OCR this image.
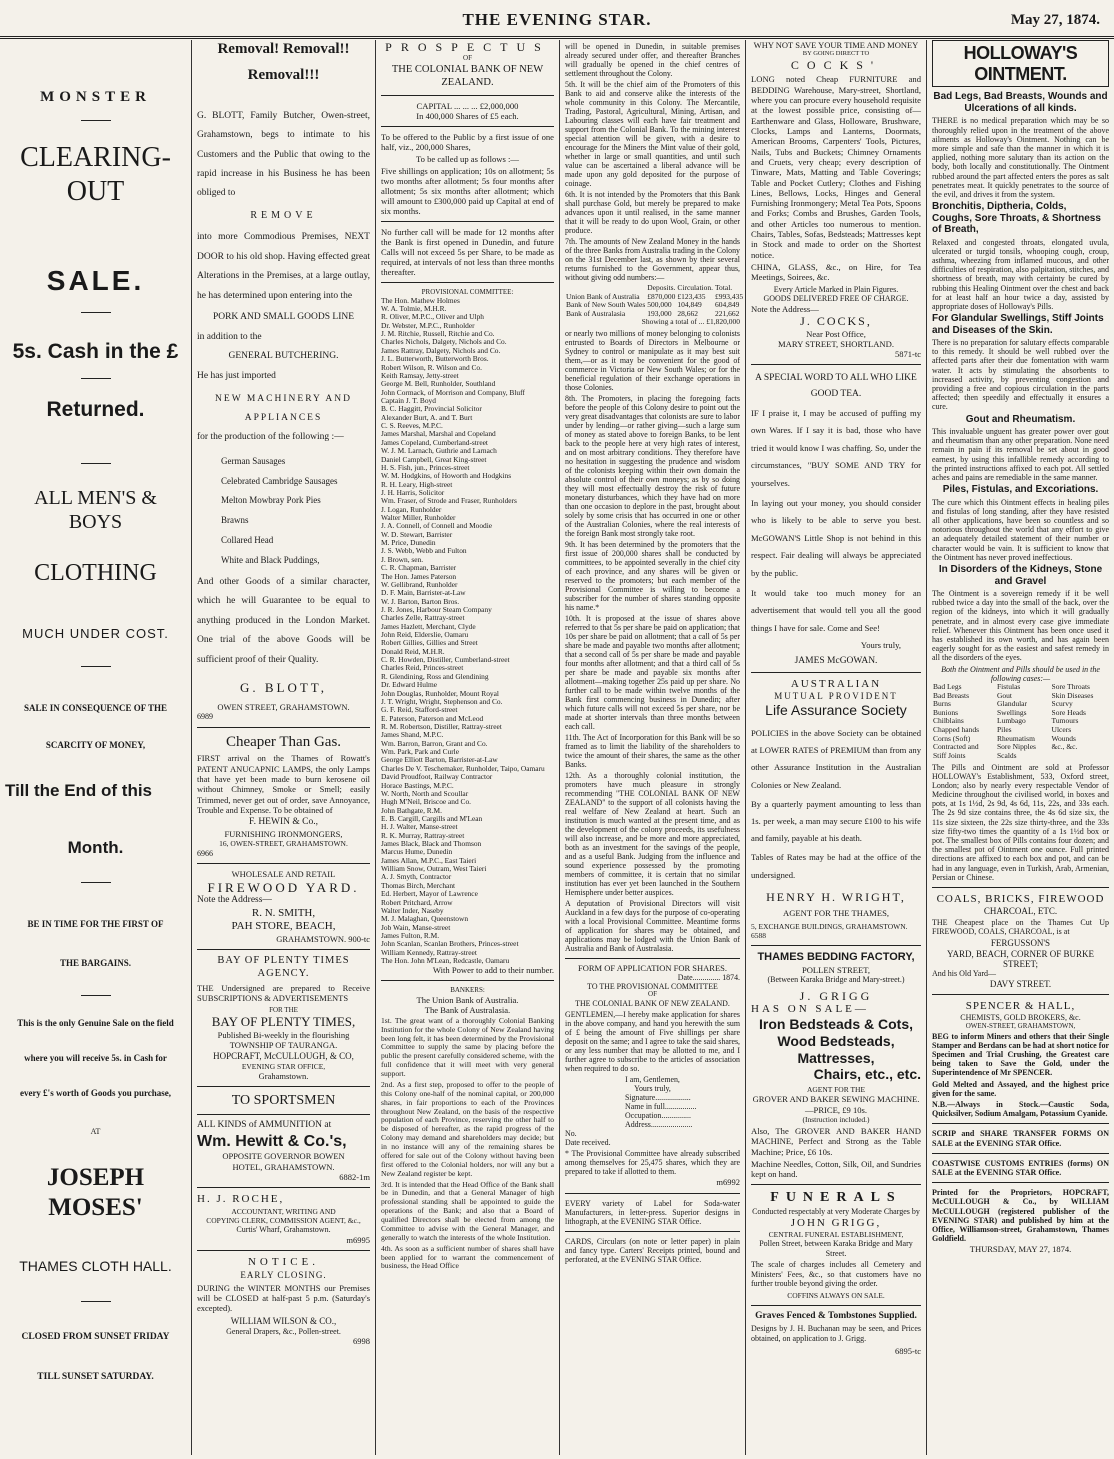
THE EVENING STAR.	May 27, 1874.
MONSTER
CLEARING-OUT
SALE.
5s. Cash in the £
Returned.
ALL MEN'S & BOYS
CLOTHING
MUCH UNDER COST.
SALE IN CONSEQUENCE OF THE
SCARCITY OF MONEY,
Till the End of this
Month.
BE IN TIME FOR THE FIRST OF
THE BARGAINS.
This is the only Genuine Sale on the field
where you will receive 5s. in Cash for
every £'s worth of Goods you purchase,
AT
JOSEPH MOSES'
THAMES CLOTH HALL.
CLOSED FROM SUNSET FRIDAY
TILL SUNSET SATURDAY.
Removal! Removal!!
Removal!!!

G. BLOTT, Family Butcher, Owen-street, Grahamstown, begs to intimate to his Customers and the Public that owing to the rapid increase in his Business he has been obliged to

REMOVE

into more Commodious Premises, NEXT DOOR to his old shop. Having effected great Alterations in the Premises, at a large outlay, he has determined upon entering into the

PORK AND SMALL GOODS LINE
in addition to the
GENERAL BUTCHERING.
He has just imported
NEW MACHINERY AND APPLIANCES
for the production of the following :—
German Sausages
Celebrated Cambridge Sausages
Melton Mowbray Pork Pies
Brawns
Collared Head
White and Black Puddings,

And other Goods of a similar character, which he will Guarantee to be equal to anything produced in the London Market. One trial of the above Goods will be sufficient proof of their Quality.

G. BLOTT,
OWEN STREET, GRAHAMSTOWN.
6989
Cheaper Than Gas.

FIRST arrival on the Thames of Rowatt's PATENT ANUCAPNIC LAMPS, the only Lamps that have yet been made to burn kerosene oil without Chimney, Smoke or Smell; easily Trimmed, never get out of order, save Annoyance, Trouble and Expense. To be obtained of

F. HEWIN & Co.,
FURNISHING IRONMONGERS,
16, OWEN-STREET, GRAHAMSTOWN.
6966
WHOLESALE AND RETAIL
FIREWOOD YARD.
Note the Address—
R. N. SMITH,
PAH STORE, BEACH,
GRAHAMSTOWN. 900-tc
BAY OF PLENTY TIMES AGENCY.

THE Undersigned are prepared to Receive SUBSCRIPTIONS & ADVERTISEMENTS

FOR THE
BAY OF PLENTY TIMES,
Published Bi-weekly in the flourishing
TOWNSHIP OF TAURANGA.
HOPCRAFT, McCULLOUGH, & CO,
EVENING STAR OFFICE,
Grahamstown.
TO SPORTSMEN
ALL KINDS of AMMUNITION at
Wm. Hewitt & Co.'s,
OPPOSITE GOVERNOR BOWEN
HOTEL, GRAHAMSTOWN.
6882-1m
H. J. ROCHE,
ACCOUNTANT, WRITING AND
COPYING CLERK, COMMISSION AGENT, &c.,
Curtis' Wharf, Grahamstown.
m6995
NOTICE.
EARLY CLOSING.

DURING the WINTER MONTHS our Premises will be CLOSED at half-past 5 p.m. (Saturday's excepted).

WILLIAM WILSON & CO.,
General Drapers, &c., Pollen-street.
6998
PROSPECTUS
OF
THE COLONIAL BANK OF NEW ZEALAND.
CAPITAL ... ... ... £2,000,000
In 400,000 Shares of £5 each.

To be offered to the Public by a first issue of one half, viz., 200,000 Shares,

To be called up as follows :—

Five shillings on application; 10s on allotment; 5s two months after allotment; 5s four months after allotment; 5s six months after allotment; which will amount to £300,000 paid up Capital at end of six months.

No further call will be made for 12 months after the Bank is first opened in Dunedin, and future Calls will not exceed 5s per Share, to be made as required, at intervals of not less than three months thereafter.

PROVISIONAL COMMITTEE:
The Hon. Mathew Holmes
W. A. Tolmie, M.H.R.
R. Oliver, M.P.C., Oliver and Ulph
Dr. Webster, M.P.C., Runholder
J. M. Ritchie, Russell, Ritchie and Co.
Charles Nichols, Dalgety, Nichols and Co.
James Rattray, Dalgety, Nichols and Co.
J. L. Butterworth, Butterworth Bros.
Robert Wilson, R. Wilson and Co.
Keith Ramsay, Jetty-street
George M. Bell, Runholder, Southland
John Cormack, of Morrison and Company, Bluff
Captain J. T. Boyd
B. C. Haggitt, Provincial Solicitor
Alexander Burt, A. and T. Burt
C. S. Reeves, M.P.C.
James Marshal, Marshal and Copeland
James Copeland, Cumberland-street
W. J. M. Larnach, Guthrie and Larnach
Daniel Campbell, Great King-street
H. S. Fish, jun., Princes-street
W. M. Hodgkins, of Howorth and Hodgkins
R. H. Leary, High-street
J. H. Harris, Solicitor
Wm. Fraser, of Strode and Fraser, Runholders
J. Logan, Runholder
Walter Miller, Runholder
J. A. Connell, of Connell and Moodie
W. D. Stewart, Barrister
M. Price, Dunedin
J. S. Webb, Webb and Fulton
J. Brown, sen.
C. R. Chapman, Barrister
The Hon. James Paterson
W. Gellibrand, Runholder
D. F. Main, Barrister-at-Law
W. J. Barton, Barton Bros.
J. R. Jones, Harbour Steam Company
Charles Zelle, Rattray-street
James Hazlett, Merchant, Clyde
John Reid, Elderslie, Oamaru
Robert Gillies, Gillies and Street
Donald Reid, M.H.R.
C. R. Howden, Distiller, Cumberland-street
Charles Reid, Princes-street
R. Glendining, Ross and Glendining
Dr. Edward Hulme
John Douglas, Runholder, Mount Royal
J. T. Wright, Wright, Stephenson and Co.
G. F. Reid, Stafford-street
E. Paterson, Paterson and McLeod
R. M. Robertson, Distiller, Rattray-street
James Shand, M.P.C.
Wm. Barron, Barron, Grant and Co.
Wm. Park, Park and Curle
George Elliott Barton, Barrister-at-Law
Charles De V. Teschemaker, Runholder, Taipo, Oamaru
David Proudfoot, Railway Contractor
Horace Bastings, M.P.C.
W. North, North and Scoullar
Hugh M'Neil, Briscoe and Co.
John Bathgate, R.M.
E. B. Cargill, Cargills and M'Lean
H. J. Walter, Manse-street
R. K. Murray, Rattray-street
James Black, Black and Thomson
Marcus Hume, Dunedin
James Allan, M.P.C., East Taieri
William Snow, Outram, West Taieri
A. J. Smyth, Contractor
Thomas Birch, Merchant
Ed. Herbert, Mayor of Lawrence
Robert Pritchard, Arrow
Walter Inder, Naseby
M. J. Malaghan, Queenstown
Job Wain, Manse-street
James Fulton, R.M.
John Scanlan, Scanlan Brothers, Princes-street
William Kennedy, Rattray-street
The Hon. John M'Lean, Redcastle, Oamaru
With Power to add to their number.
BANKERS:
The Union Bank of Australia.
The Bank of Australasia.

1st. The great want of a thoroughly Colonial Banking Institution for the whole Colony of New Zealand having been long felt, it has been determined by the Provisional Committee to supply the same by placing before the public the present carefully considered scheme, with the full confidence that it will meet with very general support.

2nd. As a first step, proposed to offer to the people of this Colony one-half of the nominal capital, or 200,000 shares, in fair proportions to each of the Provinces throughout New Zealand, on the basis of the respective population of each Province, reserving the other half to be disposed of hereafter, as the rapid progress of the Colony may demand and shareholders may decide; but in no instance will any of the remaining shares be offered for sale out of the Colony without having been first offered to the Colonial holders, nor will any but a New Zealand register be kept.

3rd. It is intended that the Head Office of the Bank shall be in Dunedin, and that a General Manager of high professional standing shall be appointed to guide the operations of the Bank; and also that a Board of qualified Directors shall be elected from among the Committee to advise with the General Manager, and generally to watch the interests of the whole Institution.

4th. As soon as a sufficient number of shares shall have been applied for to warrant the commencement of business, the Head Office

will be opened in Dunedin, in suitable premises already secured under offer, and thereafter Branches will gradually be opened in the chief centres of settlement throughout the Colony.

5th. It will be the chief aim of the Promoters of this Bank to aid and conserve alike the interests of the whole community in this Colony. The Mercantile, Trading, Pastoral, Agricultural, Mining, Artisan, and Labouring classes will each have fair treatment and support from the Colonial Bank. To the mining interest special attention will be given, with a desire to encourage for the Miners the Mint value of their gold, whether in large or small quantities, and until such value can be ascertained a liberal advance will be made upon any gold deposited for the purpose of coinage.

6th. It is not intended by the Promoters that this Bank shall purchase Gold, but merely be prepared to make advances upon it until realised, in the same manner that it will be ready to do upon Wool, Grain, or other produce.

7th. The amounts of New Zealand Money in the hands of the three Banks from Australia trading in the Colony on the 31st December last, as shown by their several returns furnished to the Government, appear thus, without giving odd numbers:—

	Deposits.	Circulation.	Total.
Union Bank of Australia	£870,000	£123,435	£993,435
Bank of New South Wales	500,000	104,849	604,849
Bank of Australasia	193,000	28,662	221,662
Showing a total of ... £1,820,000

or nearly two millions of money belonging to colonists entrusted to Boards of Directors in Melbourne or Sydney to control or manipulate as it may best suit them,—or as it may be convenient for the good of commerce in Victoria or New South Wales; or for the beneficial regulation of their exchange operations in those Colonies.

8th. The Promoters, in placing the foregoing facts before the people of this Colony desire to point out the very great disadvantages that colonists are sure to labor under by lending—or rather giving—such a large sum of money as stated above to foreign Banks, to be lent back to the people here at very high rates of interest, and on most arbitrary conditions. They therefore have no hesitation in suggesting the prudence and wisdom of the colonists keeping within their own domain the absolute control of their own moneys; as by so doing they will most effectually destroy the risk of future monetary disturbances, which they have had on more than one occasion to deplore in the past, brought about solely by some crisis that has occurred in one or other of the Australian Colonies, where the real interests of the foreign Bank most strongly take root.

9th. It has been determined by the promoters that the first issue of 200,000 shares shall be conducted by committees, to be appointed severally in the chief city of each province, and any shares will be given or reserved to the promoters; but each member of the Provisional Committee is willing to become a subscriber for the number of shares standing opposite his name.*

10th. It is proposed at the issue of shares above referred to that 5s per share be paid on application; that 10s per share be paid on allotment; that a call of 5s per share be made and payable two months after allotment; that a second call of 5s per share be made and payable four months after allotment; and that a third call of 5s per share be made and payable six months after allotment—making together 25s paid up per share. No further call to be made within twelve months of the Bank first commencing business in Dunedin; after which future calls will not exceed 5s per share, nor be made at shorter intervals than three months between each call.

11th. The Act of Incorporation for this Bank will be so framed as to limit the liability of the shareholders to twice the amount of their shares, the same as the other Banks.

12th. As a thoroughly colonial institution, the promoters have much pleasure in strongly recommending "THE COLONIAL BANK OF NEW ZEALAND" to the support of all colonists having the real welfare of New Zealand at heart. Such an institution is much wanted at the present time, and as the development of the colony proceeds, its usefulness will also increase, and be more and more appreciated, both as an investment for the savings of the people, and as a useful Bank. Judging from the influence and sound experience possessed by the promoting members of committee, it is certain that no similar institution has ever yet been launched in the Southern Hemisphere under better auspices.

A deputation of Provisional Directors will visit Auckland in a few days for the purpose of co-operating with a local Provisional Committee. Meantime forms of application for shares may be obtained, and applications may be lodged with the Union Bank of Australia and Bank of Australasia.

FORM OF APPLICATION FOR SHARES.
Date.............. 1874.
TO THE PROVISIONAL COMMITTEE
OF
THE COLONIAL BANK OF NEW ZEALAND.

GENTLEMEN,—I hereby make application for shares in the above company, and hand you herewith the sum of £ being the amount of Five shillings per share deposit on the same; and I agree to take the said shares, or any less number that may be allotted to me, and I further agree to subscribe to the articles of association when required to do so.

I am, Gentlemen,
Yours truly,
Signature..................
Name in full................
Occupation...............
Address.....................
No.
Date received.

* The Provisional Committee have already subscribed among themselves for 25,475 shares, which they are prepared to take if allotted to them.

m6992

EVERY variety of Label for Soda-water Manufacturers, in letter-press. Superior designs in lithograph, at the EVENING STAR Office.

CARDS, Circulars (on note or letter paper) in plain and fancy type. Carters' Receipts printed, bound and perforated, at the EVENING STAR Office.

WHY NOT SAVE YOUR TIME AND MONEY
BY GOING DIRECT TO
COCKS'

LONG noted Cheap FURNITURE and BEDDING Warehouse, Mary-street, Shortland, where you can procure every household requisite at the lowest possible price, consisting of—Earthenware and Glass, Holloware, Brushware, Clocks, Lamps and Lanterns, Doormats, American Brooms, Carpenters' Tools, Pictures, Nails, Tubs and Buckets; Chimney Ornaments and Cruets, very cheap; every description of Tinware, Mats, Matting and Table Coverings; Table and Pocket Cutlery; Clothes and Fishing Lines, Bellows, Locks, Hinges and General Furnishing Ironmongery; Metal Tea Pots, Spoons and Forks; Combs and Brushes, Garden Tools, and other Articles too numerous to mention. Chairs, Tables, Sofas, Bedsteads; Mattresses kept in Stock and made to order on the Shortest notice.

CHINA, GLASS, &c., on Hire, for Tea Meetings, Soirees, &c.

Every Article Marked in Plain Figures.
GOODS DELIVERED FREE OF CHARGE.
Note the Address—
J. COCKS,
Near Post Office,
MARY STREET, SHORTLAND.
5871-tc
A SPECIAL WORD TO ALL WHO LIKE GOOD TEA.

IF I praise it, I may be accused of puffing my own Wares. If I say it is bad, those who have tried it would know I was chaffing. So, under the circumstances, "BUY SOME AND TRY for yourselves.

In laying out your money, you should consider who is likely to be able to serve you best. McGOWAN'S Little Shop is not behind in this respect. Fair dealing will always be appreciated by the public.

It would take too much money for an advertisement that would tell you all the good things I have for sale. Come and See!

Yours truly,
JAMES McGOWAN.
AUSTRALIAN
MUTUAL PROVIDENT
Life Assurance Society

POLICIES in the above Society can be obtained at LOWER RATES of PREMIUM than from any other Assurance Institution in the Australian Colonies or New Zealand.

By a quarterly payment amounting to less than 1s. per week, a man may secure £100 to his wife and family, payable at his death.

Tables of Rates may be had at the office of the undersigned.

HENRY H. WRIGHT,
AGENT FOR THE THAMES,
5, EXCHANGE BUILDINGS, GRAHAMSTOWN.
6588
THAMES BEDDING FACTORY,
POLLEN STREET,
(Between Karaka Bridge and Mary-street.)
J. GRIGG
HAS ON SALE—
Iron Bedsteads & Cots,
Wood Bedsteads,
Mattresses,
Chairs, etc., etc.
AGENT FOR THE
GROVER AND BAKER SEWING MACHINE.—PRICE, £9 10s.
(Instruction included.)

Also, The GROVER AND BAKER HAND MACHINE, Perfect and Strong as the Table Machine; Price, £6 10s.

Machine Needles, Cotton, Silk, Oil, and Sundries kept on hand.

FUNERALS
Conducted respectably at very Moderate Charges by
JOHN GRIGG,
CENTRAL FUNERAL ESTABLISHMENT,
Pollen Street, between Karaka Bridge and Mary Street.

The scale of charges includes all Cemetery and Ministers' Fees, &c., so that customers have no further trouble beyond giving the order.

COFFINS ALWAYS ON SALE.
Graves Fenced & Tombstones Supplied.

Designs by J. H. Buchanan may be seen, and Prices obtained, on application to J. Grigg.

6895-tc
HOLLOWAY'S OINTMENT.
Bad Legs, Bad Breasts, Wounds and Ulcerations of all kinds.

THERE is no medical preparation which may be so thoroughly relied upon in the treatment of the above ailments as Holloway's Ointment. Nothing can be more simple and safe than the manner in which it is applied, nothing more salutary than its action on the body, both locally and constitutionally. The Ointment rubbed around the part affected enters the pores as salt penetrates meat. It quickly penetrates to the source of the evil, and drives it from the system.

Bronchitis, Diptheria, Colds, Coughs, Sore Throats, & Shortness of Breath,

Relaxed and congested throats, elongated uvula, ulcerated or turgid tonsils, whooping cough, croup, asthma, wheezing from inflamed mucous, and other difficulties of respiration, also palpitation, stitches, and shortness of breath, may with certainty be cured by rubbing this Healing Ointment over the chest and back for at least half an hour twice a day, assisted by appropriate doses of Holloway's Pills.

For Glandular Swellings, Stiff Joints and Diseases of the Skin.

There is no preparation for salutary effects comparable to this remedy. It should be well rubbed over the affected parts after their due fomentation with warm water. It acts by stimulating the absorbents to increased activity, by preventing congestion and providing a free and copious circulation in the parts affected; then speedily and effectually it ensures a cure.

Gout and Rheumatism.

This invaluable unguent has greater power over gout and rheumatism than any other preparation. None need remain in pain if its removal be set about in good earnest, by using this infallible remedy according to the printed instructions affixed to each pot. All settled aches and pains are remediable in the same manner.

Piles, Fistulas, and Excoriations.

The cure which this Ointment effects in healing piles and fistulas of long standing, after they have resisted all other applications, have been so countless and so notorious throughout the world that any effort to give an adequately detailed statement of their number or character would be vain. It is sufficient to know that the Ointment has never proved ineffectious.

In Disorders of the Kidneys, Stone and Gravel

The Ointment is a sovereign remedy if it be well rubbed twice a day into the small of the back, over the region of the kidneys, into which it will gradually penetrate, and in almost every case give immediate relief. Whenever this Ointment has been once used it has established its own worth, and has again been eagerly sought for as the easiest and safest remedy in all the disorders of the eyes.

Both the Ointment and Pills should be used in the following cases:—
Bad Legs	Fistulas	Sore Throats
Bad Breasts	Gout	Skin Diseases
Burns	Glandular	Scurvy
Bunions	Swellings	Sore Heads
Chilblains	Lumbago	Tumours
Chapped hands	Piles	Ulcers
Corns (Soft)	Rheumatism	Wounds
Contracted and	Sore Nipples	&c., &c.
Stiff Joints	Scalds	

The Pills and Ointment are sold at Professor HOLLOWAY's Establishment, 533, Oxford street, London; also by nearly every respectable Vendor of Medicine throughout the civilised world, in boxes and pots, at 1s 1½d, 2s 9d, 4s 6d, 11s, 22s, and 33s each. The 2s 9d size contains three, the 4s 6d size six, the 11s size sixteen, the 22s size thirty-three, and the 33s size fifty-two times the quantity of a 1s 1½d box or pot. The smallest box of Pills contains four dozen; and the smallest pot of Ointment one ounce. Full printed directions are affixed to each box and pot, and can be had in any language, even in Turkish, Arab, Armenian, Persian or Chinese.

COALS, BRICKS, FIREWOOD
CHARCOAL, ETC.

THE Cheapest place on the Thames Cut Up FIREWOOD, COALS, CHARCOAL, is at

FERGUSSON'S
YARD, BEACH, CORNER OF BURKE STREET;
And his Old Yard—
DAVY STREET.
SPENCER & HALL,
CHEMISTS, GOLD BROKERS, &c.
OWEN-STREET, GRAHAMSTOWN,

BEG to inform Miners and others that their Single Stamper and Berdans can be had at short notice for Specimen and Trial Crushing, the Greatest care being taken to Save the Gold, under the Superintendence of Mr SPENCER.

Gold Melted and Assayed, and the highest price given for the same.

N.B.—Always in Stock.—Caustic Soda, Quicksilver, Sodium Amalgam, Potassium Cyanide.

SCRIP and SHARE TRANSFER FORMS ON SALE at the EVENING STAR Office.

COASTWISE CUSTOMS ENTRIES (forms) ON SALE at the EVENING STAR Office.

Printed for the Proprietors, HOPCRAFT, McCULLOUGH & Co., by WILLIAM McCULLOUGH (registered publisher of the EVENING STAR) and published by him at the Office, Williamson-street, Grahamstown, Thames Goldfield.

THURSDAY, MAY 27, 1874.
